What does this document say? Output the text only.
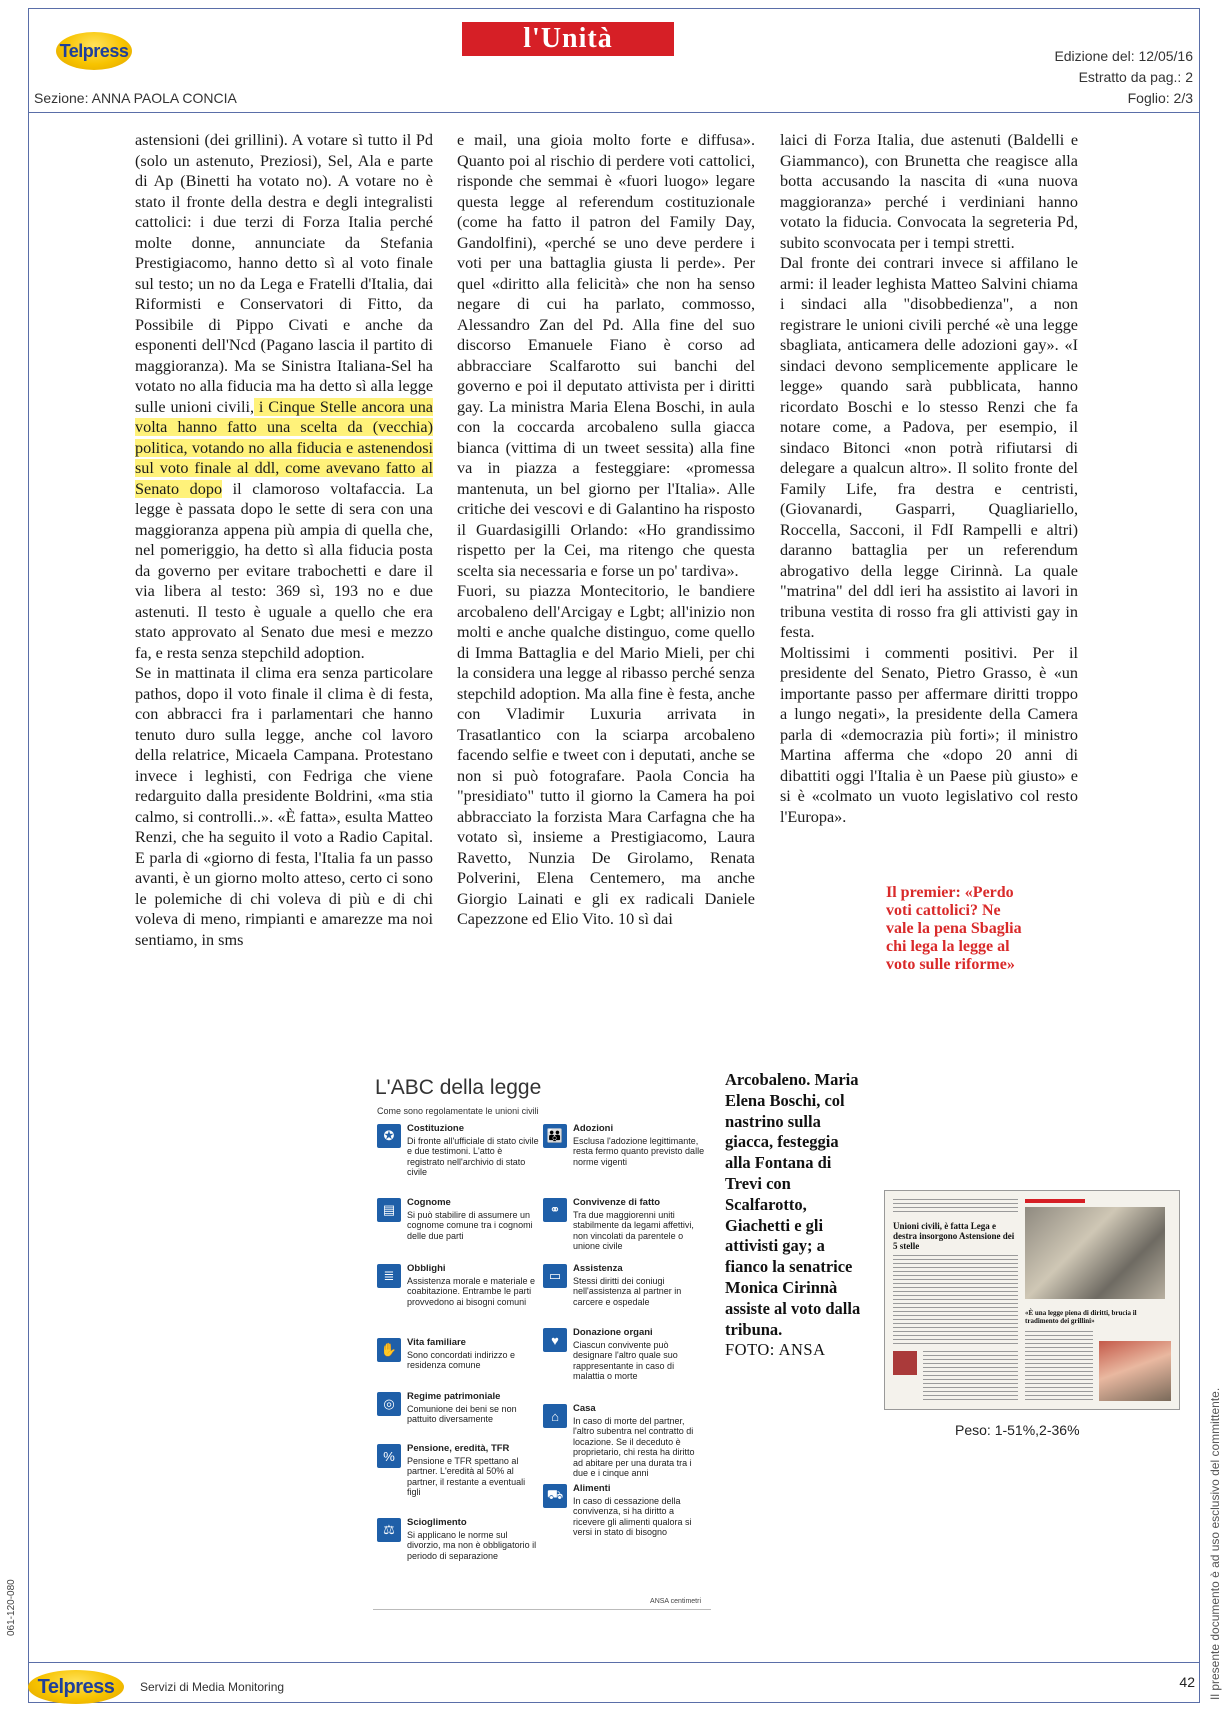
Telpress	l'Unità
Edizione del: 12/05/16
Estratto da pag.: 2
Foglio: 2/3
Sezione: ANNA PAOLA CONCIA

astensioni (dei grillini). A votare sì tutto il Pd (solo un astenuto, Preziosi), Sel, Ala e parte di Ap (Binetti ha votato no). A votare no è stato il fronte della destra e degli integralisti cattolici: i due terzi di Forza Italia perché molte donne, annunciate da Stefania Prestigiacomo, hanno detto sì al voto finale sul testo; un no da Lega e Fratelli d'Italia, dai Riformisti e Conservatori di Fitto, da Possibile di Pippo Civati e anche da esponenti dell'Ncd (Pagano lascia il partito di maggioranza). Ma se Sinistra Italiana-Sel ha votato no alla fiducia ma ha detto sì alla legge sulle unioni civili, i Cinque Stelle ancora una volta hanno fatto una scelta da (vecchia) politica, votando no alla fiducia e astenendosi sul voto finale al ddl, come avevano fatto al Senato dopo il clamoroso voltafaccia. La legge è passata dopo le sette di sera con una maggioranza appena più ampia di quella che, nel pomeriggio, ha detto sì alla fiducia posta da governo per evitare trabochetti e dare il via libera al testo: 369 sì, 193 no e due astenuti. Il testo è uguale a quello che era stato approvato al Senato due mesi e mezzo fa, e resta senza stepchild adoption.

Se in mattinata il clima era senza particolare pathos, dopo il voto finale il clima è di festa, con abbracci fra i parlamentari che hanno tenuto duro sulla legge, anche col lavoro della relatrice, Micaela Campana. Protestano invece i leghisti, con Fedriga che viene redarguito dalla presidente Boldrini, «ma stia calmo, si controlli..». «È fatta», esulta Matteo Renzi, che ha seguito il voto a Radio Capital. E parla di «giorno di festa, l'Italia fa un passo avanti, è un giorno molto atteso, certo ci sono le polemiche di chi voleva di più e di chi voleva di meno, rimpianti e amarezze ma noi sentiamo, in sms

e mail, una gioia molto forte e diffusa». Quanto poi al rischio di perdere voti cattolici, risponde che semmai è «fuori luogo» legare questa legge al referendum costituzionale (come ha fatto il patron del Family Day, Gandolfini), «perché se uno deve perdere i voti per una battaglia giusta li perde». Per quel «diritto alla felicità» che non ha senso negare di cui ha parlato, commosso, Alessandro Zan del Pd. Alla fine del suo discorso Emanuele Fiano è corso ad abbracciare Scalfarotto sui banchi del governo e poi il deputato attivista per i diritti gay. La ministra Maria Elena Boschi, in aula con la coccarda arcobaleno sulla giacca bianca (vittima di un tweet sessita) alla fine va in piazza a festeggiare: «promessa mantenuta, un bel giorno per l'Italia». Alle critiche dei vescovi e di Galantino ha risposto il Guardasigilli Orlando: «Ho grandissimo rispetto per la Cei, ma ritengo che questa scelta sia necessaria e forse un po' tardiva».

Fuori, su piazza Montecitorio, le bandiere arcobaleno dell'Arcigay e Lgbt; all'inizio non molti e anche qualche distinguo, come quello di Imma Battaglia e del Mario Mieli, per chi la considera una legge al ribasso perché senza stepchild adoption. Ma alla fine è festa, anche con Vladimir Luxuria arrivata in Trasatlantico con la sciarpa arcobaleno facendo selfie e tweet con i deputati, anche se non si può fotografare. Paola Concia ha "presidiato" tutto il giorno la Camera ha poi abbracciato la forzista Mara Carfagna che ha votato sì, insieme a Prestigiacomo, Laura Ravetto, Nunzia De Girolamo, Renata Polverini, Elena Centemero, ma anche Giorgio Lainati e gli ex radicali Daniele Capezzone ed Elio Vito. 10 sì dai

laici di Forza Italia, due astenuti (Baldelli e Giammanco), con Brunetta che reagisce alla botta accusando la nascita di «una nuova maggioranza» perché i verdiniani hanno votato la fiducia. Convocata la segreteria Pd, subito sconvocata per i tempi stretti.

Dal fronte dei contrari invece si affilano le armi: il leader leghista Matteo Salvini chiama i sindaci alla "disobbedienza", a non registrare le unioni civili perché «è una legge sbagliata, anticamera delle adozioni gay». «I sindaci devono semplicemente applicare le legge» quando sarà pubblicata, hanno ricordato Boschi e lo stesso Renzi che fa notare come, a Padova, per esempio, il sindaco Bitonci «non potrà rifiutarsi di delegare a qualcun altro». Il solito fronte del Family Life, fra destra e centristi, (Giovanardi, Gasparri, Quagliariello, Roccella, Sacconi, il FdI Rampelli e altri) daranno battaglia per un referendum abrogativo della legge Cirinnà. La quale "matrina" del ddl ieri ha assistito ai lavori in tribuna vestita di rosso fra gli attivisti gay in festa.

Moltissimi i commenti positivi. Per il presidente del Senato, Pietro Grasso, è «un importante passo per affermare diritti troppo a lungo negati», la presidente della Camera parla di «democrazia più forti»; il ministro Martina afferma che «dopo 20 anni di dibattiti oggi l'Italia è un Paese più giusto» e si è «colmato un vuoto legislativo col resto l'Europa».

Il premier: «Perdo voti cattolici? Ne vale la pena Sbaglia chi lega la legge al voto sulle riforme»
L'ABC della legge
Come sono regolamentate le unioni civili
✪	Costituzione
Di fronte all'ufficiale di stato civile e due testimoni. L'atto è registrato nell'archivio di stato civile
▤	Cognome
Si può stabilire di assumere un cognome comune tra i cognomi delle due parti
≣	Obblighi
Assistenza morale e materiale e coabitazione. Entrambe le parti provvedono ai bisogni comuni
✋	Vita familiare
Sono concordati indirizzo e residenza comune
◎	Regime patrimoniale
Comunione dei beni se non pattuito diversamente
%	Pensione, eredità, TFR
Pensione e TFR spettano al partner. L'eredità al 50% al partner, il restante a eventuali figli
⚖	Scioglimento
Si applicano le norme sul divorzio, ma non è obbligatorio il periodo di separazione
👪	Adozioni
Esclusa l'adozione legittimante, resta fermo quanto previsto dalle norme vigenti
⚭	Convivenze di fatto
Tra due maggiorenni uniti stabilmente da legami affettivi, non vincolati da parentele o unione civile
▭	Assistenza
Stessi diritti dei coniugi nell'assistenza al partner in carcere e ospedale
♥	Donazione organi
Ciascun convivente può designare l'altro quale suo rappresentante in caso di malattia o morte
⌂	Casa
In caso di morte del partner, l'altro subentra nel contratto di locazione. Se il deceduto è proprietario, chi resta ha diritto ad abitare per una durata tra i due e i cinque anni
⛟	Alimenti
In caso di cessazione della convivenza, si ha diritto a ricevere gli alimenti qualora si versi in stato di bisogno
ANSA centimetri
Arcobaleno. Maria Elena Boschi, col nastrino sulla giacca, festeggia alla Fontana di Trevi con Scalfarotto, Giachetti e gli attivisti gay; a fianco la senatrice Monica Cirinnà assiste al voto dalla tribuna.
FOTO: ANSA
Unioni civili, è fatta Lega e destra insorgono Astensione dei 5 stelle
«È una legge piena di diritti, brucia il tradimento dei grillini»
Peso: 1-51%,2-36%
Telpress Servizi di Media Monitoring	42
061-120-080	Il presente documento è ad uso esclusivo del committente.
